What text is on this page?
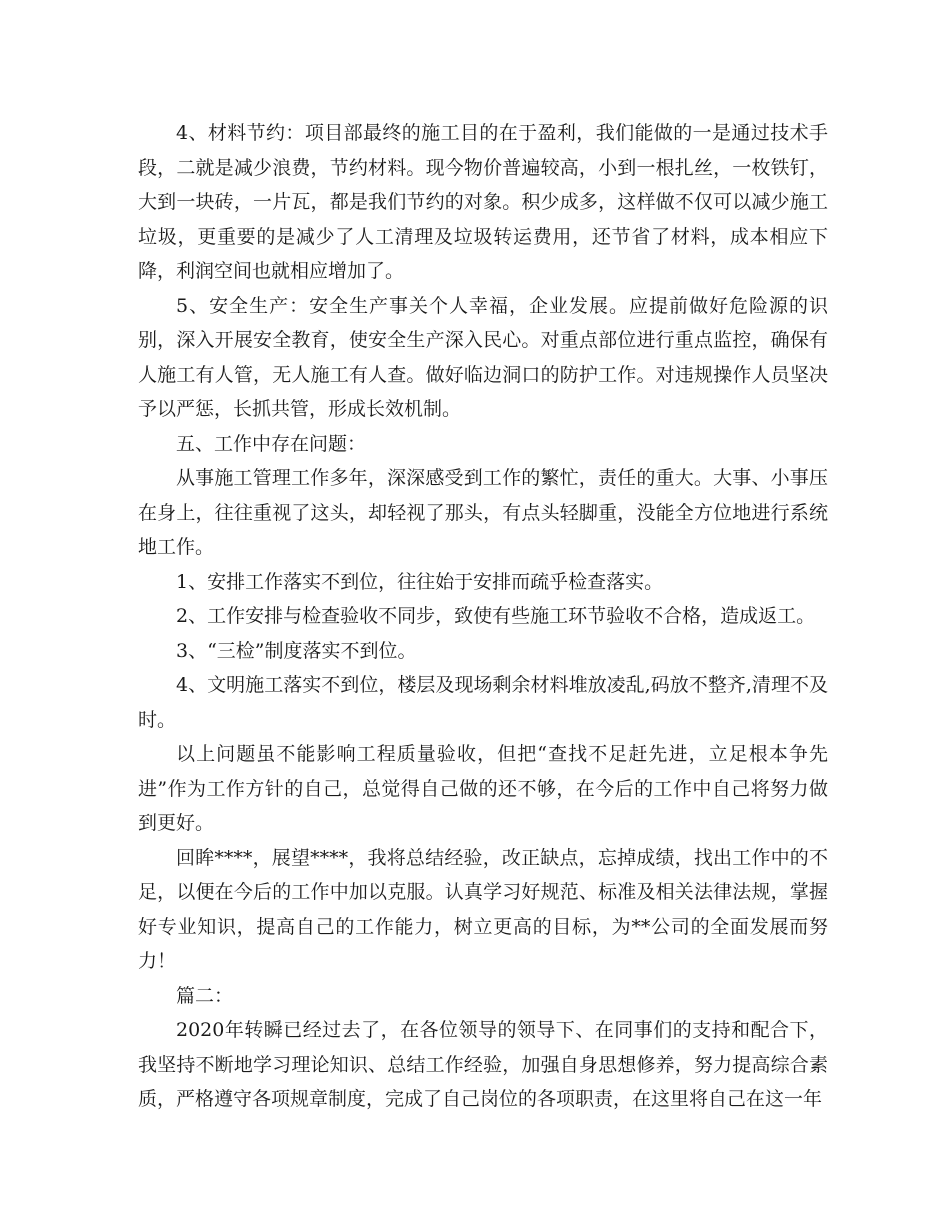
4、材料节约：项目部最终的施工目的在于盈利，我们能做的一是通过技术手段，二就是减少浪费，节约材料。现今物价普遍较高，小到一根扎丝，一枚铁钉，大到一块砖，一片瓦，都是我们节约的对象。积少成多，这样做不仅可以减少施工垃圾，更重要的是减少了人工清理及垃圾转运费用，还节省了材料，成本相应下降，利润空间也就相应增加了。

5、安全生产：安全生产事关个人幸福，企业发展。应提前做好危险源的识别，深入开展安全教育，使安全生产深入民心。对重点部位进行重点监控，确保有人施工有人管，无人施工有人查。做好临边洞口的防护工作。对违规操作人员坚决予以严惩，长抓共管，形成长效机制。

五、工作中存在问题：

从事施工管理工作多年，深深感受到工作的繁忙，责任的重大。大事、小事压在身上，往往重视了这头，却轻视了那头，有点头轻脚重，没能全方位地进行系统地工作。

1、安排工作落实不到位，往往始于安排而疏乎检查落实。

2、工作安排与检查验收不同步，致使有些施工环节验收不合格，造成返工。

3、“三检”制度落实不到位。

4、文明施工落实不到位，楼层及现场剩余材料堆放凌乱,码放不整齐,清理不及时。

以上问题虽不能影响工程质量验收，但把“查找不足赶先进，立足根本争先进”作为工作方针的自己，总觉得自己做的还不够，在今后的工作中自己将努力做到更好。

回眸****，展望****，我将总结经验，改正缺点，忘掉成绩，找出工作中的不足，以便在今后的工作中加以克服。认真学习好规范、标准及相关法律法规，掌握好专业知识，提高自己的工作能力，树立更高的目标，为**公司的全面发展而努力！

篇二：

2020年转瞬已经过去了，在各位领导的领导下、在同事们的支持和配合下，我坚持不断地学习理论知识、总结工作经验，加强自身思想修养，努力提高综合素质，严格遵守各项规章制度，完成了自己岗位的各项职责，在这里将自己在这一年
